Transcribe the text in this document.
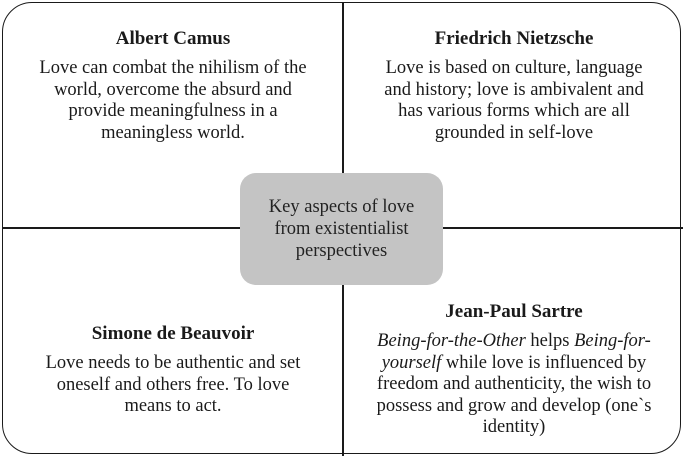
Albert Camus
Love can combat the nihilism of the
world, overcome the absurd and
provide meaningfulness in a
meaningless world.
Friedrich Nietzsche
Love is based on culture, language
and history; love is ambivalent and
has various forms which are all
grounded in self-love
Simone de Beauvoir
Love needs to be authentic and set
oneself and others free. To love
means to act.
Jean-Paul Sartre
Being-for-the-Other helps Being-for-
yourself while love is influenced by
freedom and authenticity, the wish to
possess and grow and develop (one`s
identity)
Key aspects of love
from existentialist
perspectives
